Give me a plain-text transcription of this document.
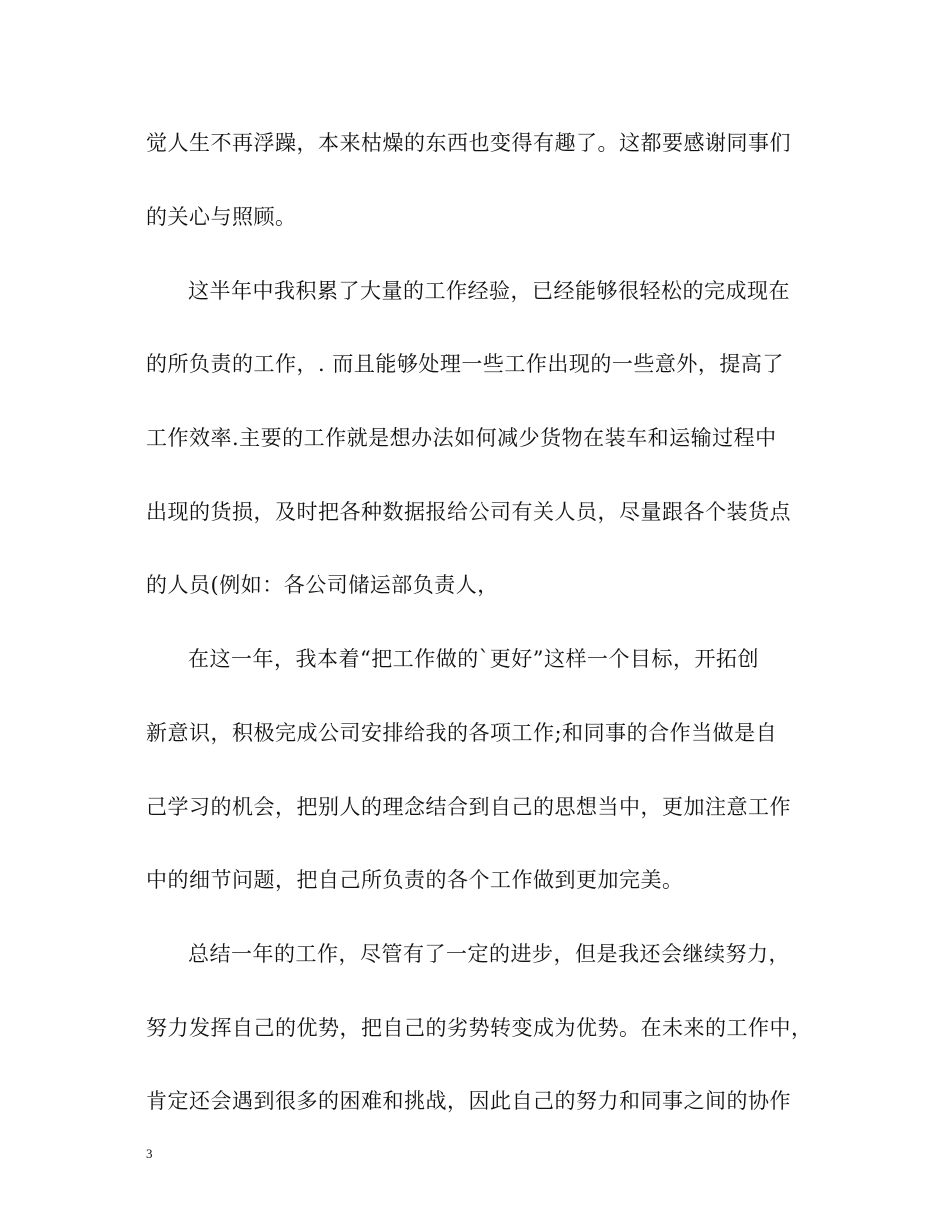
觉人生不再浮躁，本来枯燥的东西也变得有趣了。这都要感谢同事们
的关心与照顾。
这半年中我积累了大量的工作经验，已经能够很轻松的完成现在
的所负责的工作，. 而且能够处理一些工作出现的一些意外，提高了
工作效率.主要的工作就是想办法如何减少货物在装车和运输过程中
出现的货损，及时把各种数据报给公司有关人员，尽量跟各个装货点
的人员(例如：各公司储运部负责人，
在这一年，我本着“把工作做的`更好”这样一个目标，开拓创
新意识，积极完成公司安排给我的各项工作;和同事的合作当做是自
己学习的机会，把别人的理念结合到自己的思想当中，更加注意工作
中的细节问题，把自己所负责的各个工作做到更加完美。
总结一年的工作，尽管有了一定的进步，但是我还会继续努力，
努力发挥自己的优势，把自己的劣势转变成为优势。在未来的工作中，
肯定还会遇到很多的困难和挑战，因此自己的努力和同事之间的协作
3
